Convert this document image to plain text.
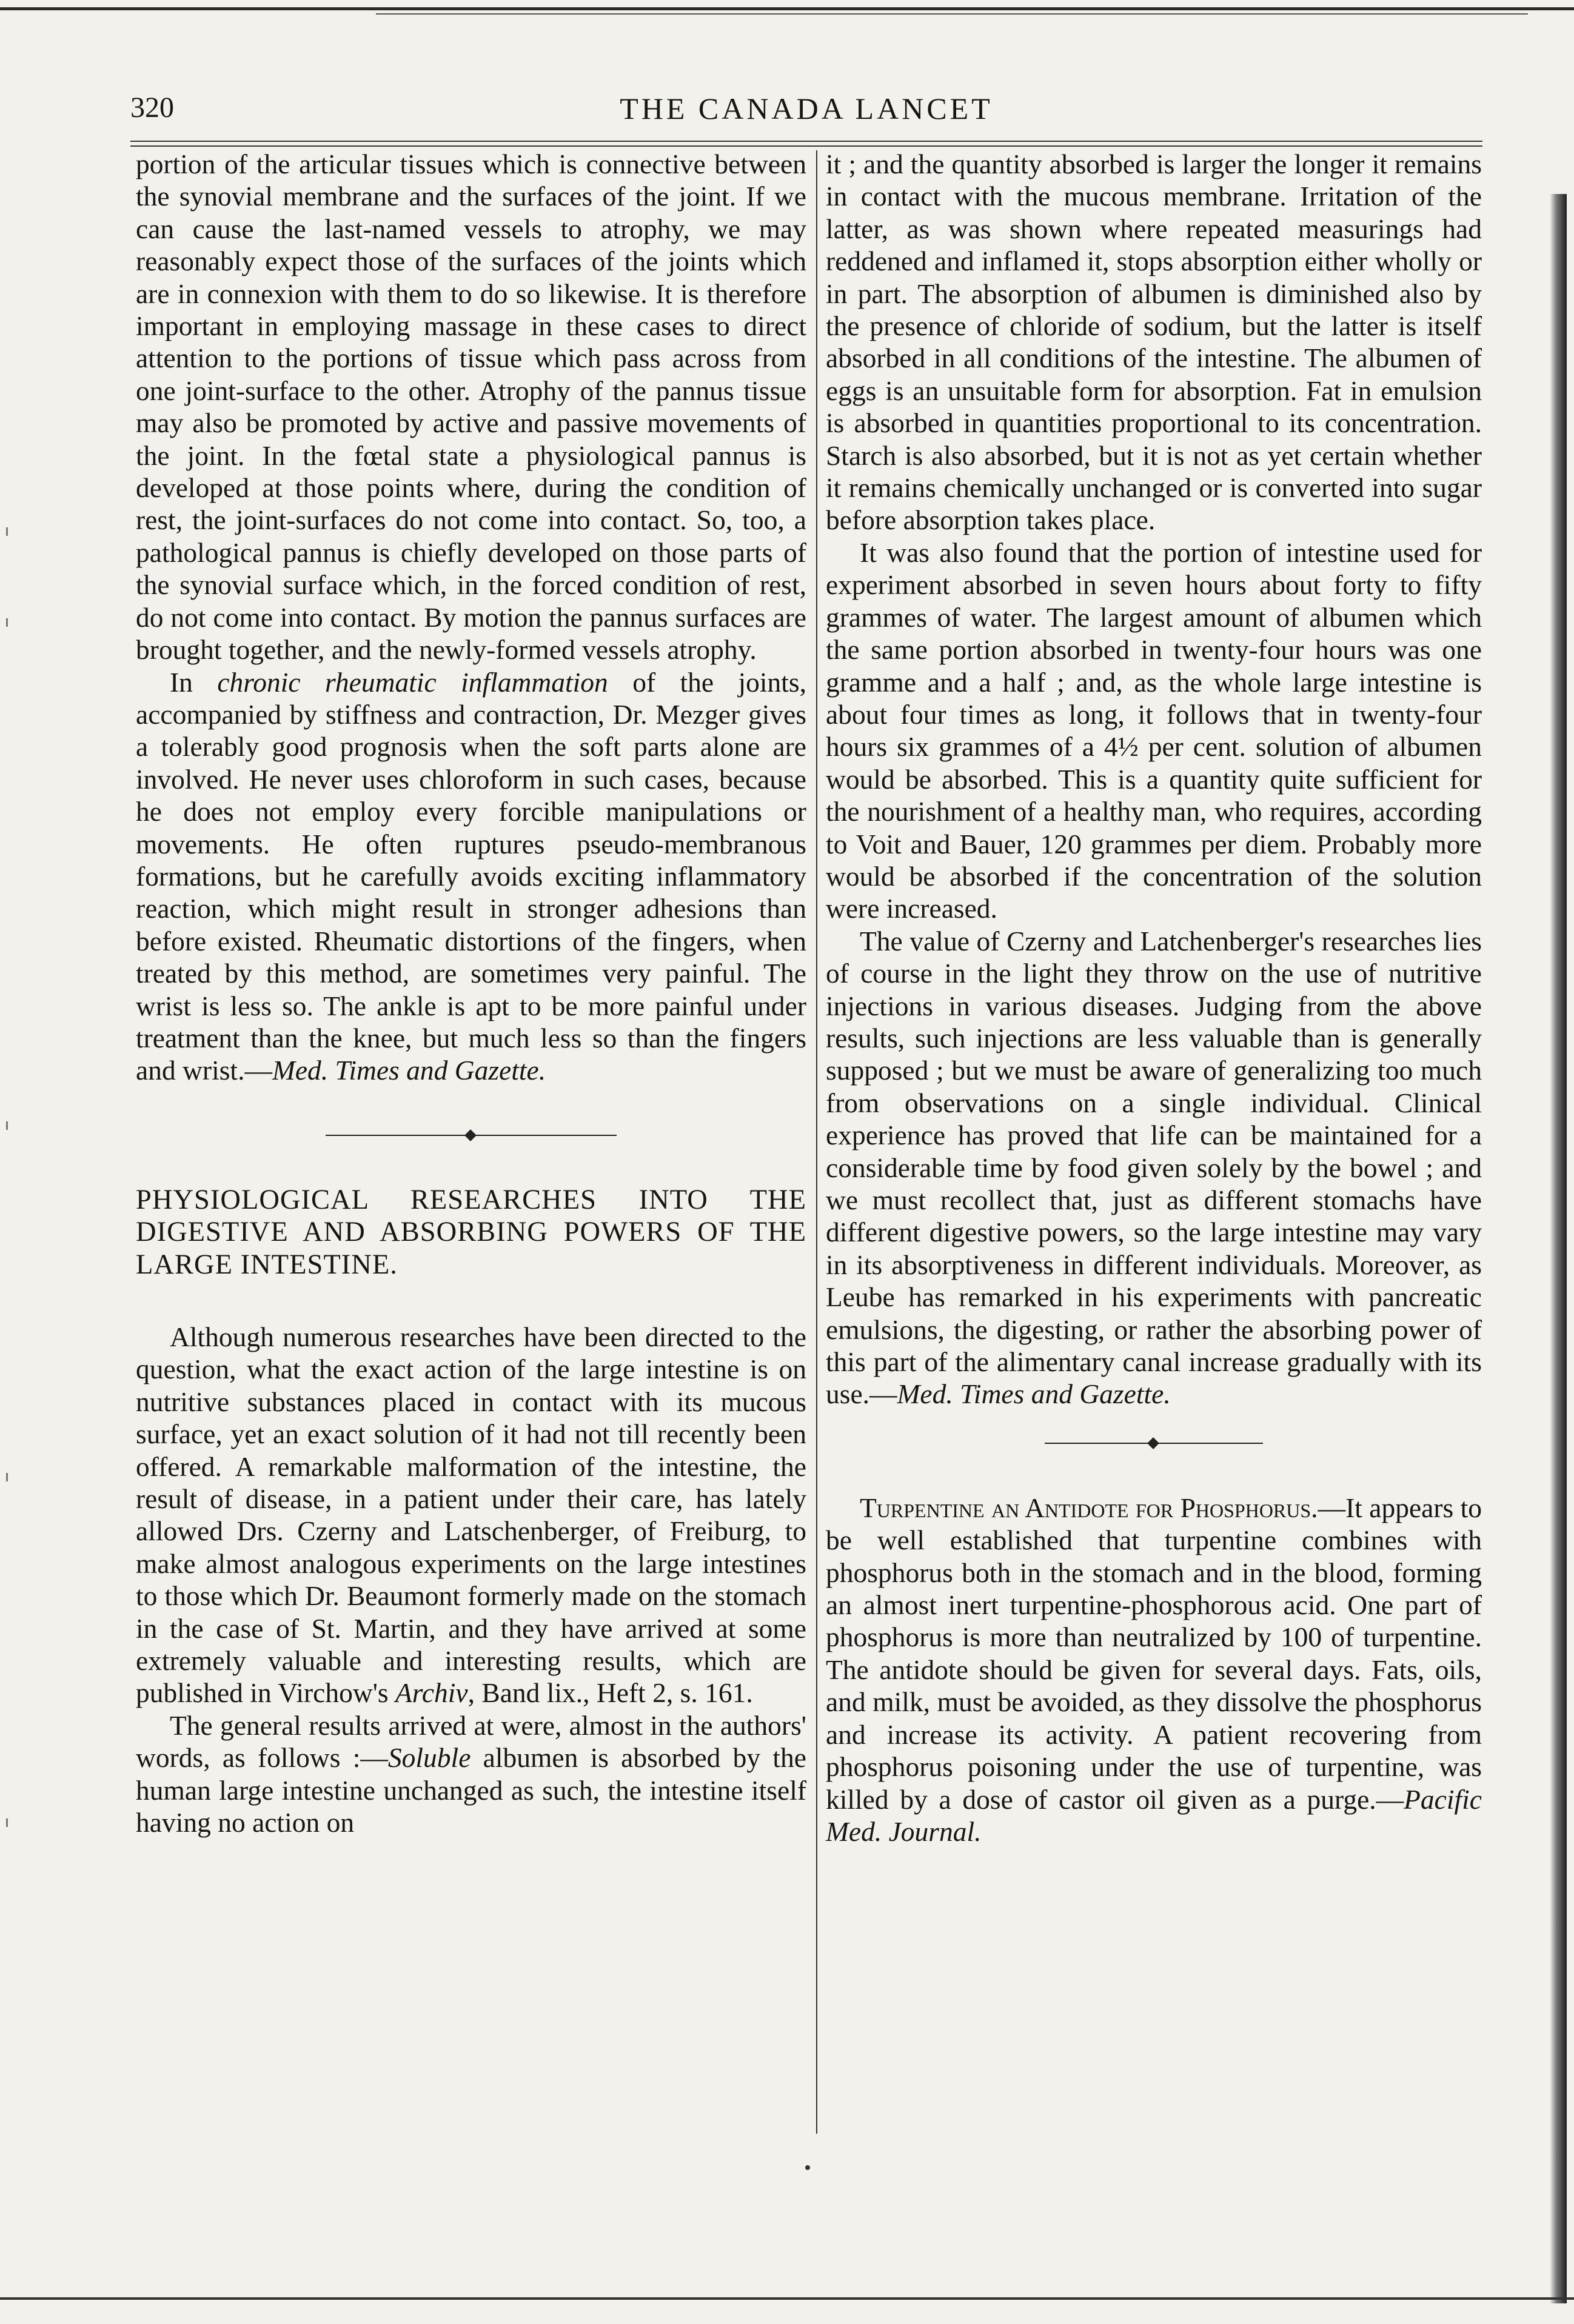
320	THE CANADA LANCET

portion of the articular tissues which is connective between the synovial membrane and the surfaces of the joint. If we can cause the last-named vessels to atrophy, we may reasonably expect those of the surfaces of the joints which are in connexion with them to do so likewise. It is therefore important in employing massage in these cases to direct attention to the portions of tissue which pass across from one joint-surface to the other. Atrophy of the pannus tissue may also be promoted by active and passive movements of the joint. In the fœtal state a physiological pannus is developed at those points where, during the condition of rest, the joint-surfaces do not come into contact. So, too, a pathological pannus is chiefly developed on those parts of the synovial surface which, in the forced condition of rest, do not come into contact. By motion the pannus surfaces are brought together, and the newly-formed vessels atrophy.

In chronic rheumatic inflammation of the joints, accompanied by stiffness and contraction, Dr. Mezger gives a tolerably good prognosis when the soft parts alone are involved. He never uses chloroform in such cases, because he does not employ every forcible manipulations or movements. He often ruptures pseudo-membranous formations, but he carefully avoids exciting inflammatory reaction, which might result in stronger adhesions than before existed. Rheumatic distortions of the fingers, when treated by this method, are sometimes very painful. The wrist is less so. The ankle is apt to be more painful under treatment than the knee, but much less so than the fingers and wrist.—Med. Times and Gazette.

PHYSIOLOGICAL RESEARCHES INTO THE DIGESTIVE AND ABSORBING POWERS OF THE LARGE INTESTINE.

Although numerous researches have been directed to the question, what the exact action of the large intestine is on nutritive substances placed in contact with its mucous surface, yet an exact solution of it had not till recently been offered. A remarkable malformation of the intestine, the result of disease, in a patient under their care, has lately allowed Drs. Czerny and Latschenberger, of Freiburg, to make almost analogous experiments on the large intestines to those which Dr. Beaumont formerly made on the stomach in the case of St. Martin, and they have arrived at some extremely valuable and interesting results, which are published in Virchow's Archiv, Band lix., Heft 2, s. 161.

The general results arrived at were, almost in the authors' words, as follows :—Soluble albumen is absorbed by the human large intestine unchanged as such, the intestine itself having no action on

it ; and the quantity absorbed is larger the longer it remains in contact with the mucous membrane. Irritation of the latter, as was shown where repeated measurings had reddened and inflamed it, stops absorption either wholly or in part. The absorption of albumen is diminished also by the presence of chloride of sodium, but the latter is itself absorbed in all conditions of the intestine. The albumen of eggs is an unsuitable form for absorption. Fat in emulsion is absorbed in quantities proportional to its concentration. Starch is also absorbed, but it is not as yet certain whether it remains chemically unchanged or is converted into sugar before absorption takes place.

It was also found that the portion of intestine used for experiment absorbed in seven hours about forty to fifty grammes of water. The largest amount of albumen which the same portion absorbed in twenty-four hours was one gramme and a half ; and, as the whole large intestine is about four times as long, it follows that in twenty-four hours six grammes of a 4½ per cent. solution of albumen would be absorbed. This is a quantity quite sufficient for the nourishment of a healthy man, who requires, according to Voit and Bauer, 120 grammes per diem. Probably more would be absorbed if the concentration of the solution were increased.

The value of Czerny and Latchenberger's researches lies of course in the light they throw on the use of nutritive injections in various diseases. Judging from the above results, such injections are less valuable than is generally supposed ; but we must be aware of generalizing too much from observations on a single individual. Clinical experience has proved that life can be maintained for a considerable time by food given solely by the bowel ; and we must recollect that, just as different stomachs have different digestive powers, so the large intestine may vary in its absorptiveness in different individuals. Moreover, as Leube has remarked in his experiments with pancreatic emulsions, the digesting, or rather the absorbing power of this part of the alimentary canal increase gradually with its use.—Med. Times and Gazette.

Turpentine an Antidote for Phosphorus.—It appears to be well established that turpentine combines with phosphorus both in the stomach and in the blood, forming an almost inert turpentine-phosphorous acid. One part of phosphorus is more than neutralized by 100 of turpentine. The antidote should be given for several days. Fats, oils, and milk, must be avoided, as they dissolve the phosphorus and increase its activity. A patient recovering from phosphorus poisoning under the use of turpentine, was killed by a dose of castor oil given as a purge.—Pacific Med. Journal.
